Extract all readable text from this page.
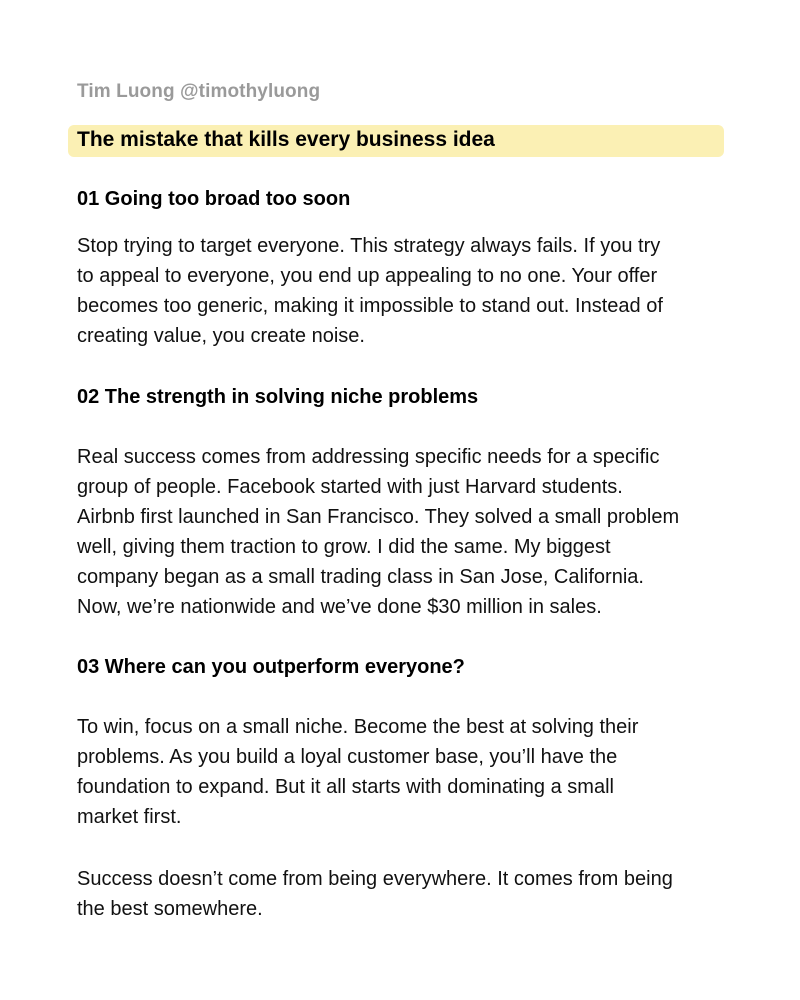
Tim Luong @timothyluong
The mistake that kills every business idea
01 Going too broad too soon
Stop trying to target everyone. This strategy always fails. If you try
to appeal to everyone, you end up appealing to no one. Your offer
becomes too generic, making it impossible to stand out. Instead of
creating value, you create noise.
02 The strength in solving niche problems
Real success comes from addressing specific needs for a specific
group of people. Facebook started with just Harvard students.
Airbnb first launched in San Francisco. They solved a small problem
well, giving them traction to grow. I did the same. My biggest
company began as a small trading class in San Jose, California.
Now, we’re nationwide and we’ve done $30 million in sales.
03 Where can you outperform everyone?
To win, focus on a small niche. Become the best at solving their
problems. As you build a loyal customer base, you’ll have the
foundation to expand. But it all starts with dominating a small
market first.
Success doesn’t come from being everywhere. It comes from being
the best somewhere.
